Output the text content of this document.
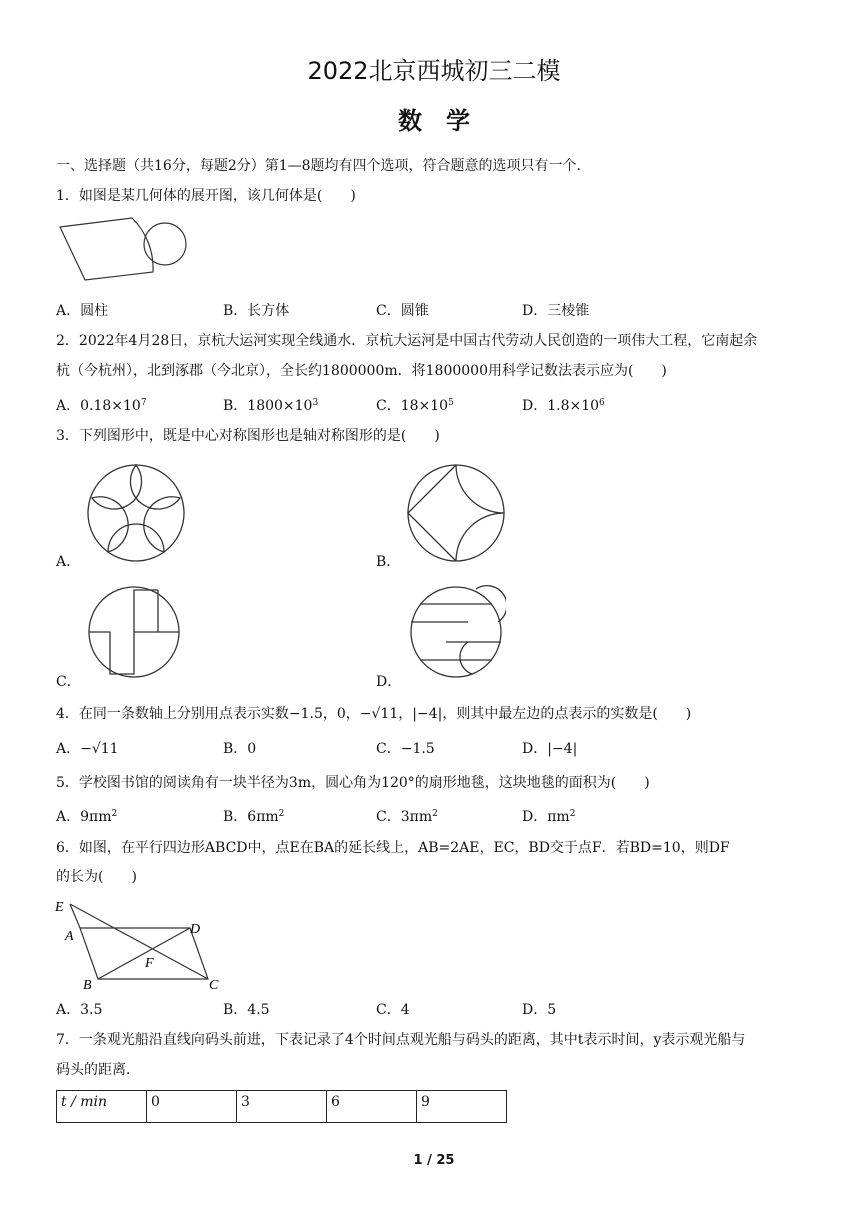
2022北京西城初三二模
数　学
一、选择题（共16分，每题2分）第1—8题均有四个选项，符合题意的选项只有一个.
1．如图是某几何体的展开图，该几何体是(　　)
A．圆柱	B．长方体	C．圆锥	D．三棱锥
2．2022年4月28日，京杭大运河实现全线通水．京杭大运河是中国古代劳动人民创造的一项伟大工程，它南起余
杭（今杭州），北到涿郡（今北京），全长约1800000m．将1800000用科学记数法表示应为(　　)
A．$0.18\times 10^7$	B．$1800\times 10^3$	C．$18\times 10^5$	D．$1.8\times 10^6$
3．下列图形中，既是中心对称图形也是轴对称图形的是(　　)
A．	B．
C．	D．
4．在同一条数轴上分别用点表示实数−1.5，0，−√11，|−4|，则其中最左边的点表示的实数是(　　)
A．−√11	B．0	C．−1.5	D．|−4|
5．学校图书馆的阅读角有一块半径为3m，圆心角为120°的扇形地毯，这块地毯的面积为(　　)
A．$9\pi m^2$	B．$6\pi m^2$	C．$3\pi m^2$	D．$\pi m^2$
6．如图，在平行四边形ABCD中，点E在BA的延长线上，AB=2AE，EC，BD交于点F．若BD=10，则DF
的长为(　　)
E
A	D
F
B	C
A．3.5	B．4.5	C．4	D．5
7．一条观光船沿直线向码头前进，下表记录了4个时间点观光船与码头的距离，其中t表示时间，y表示观光船与
码头的距离．
t / min	0	3	6	9
1 / 25
